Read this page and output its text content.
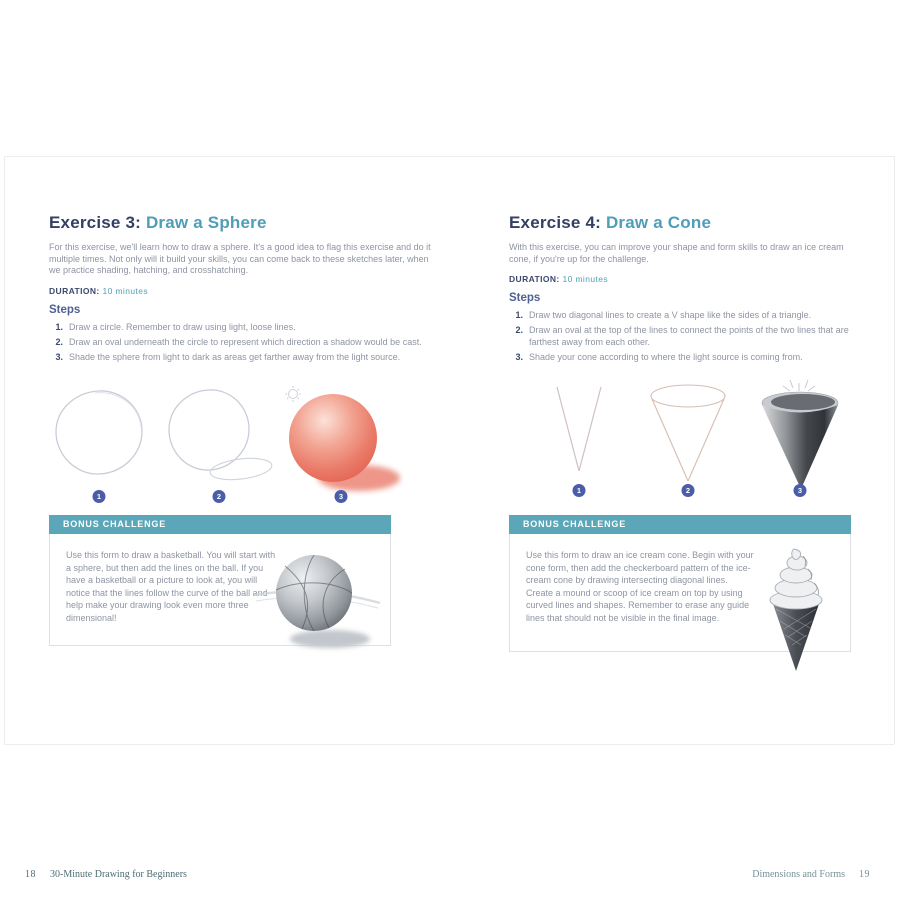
Exercise 3: Draw a Sphere
For this exercise, we'll learn how to draw a sphere. It's a good idea to flag this exercise and do it multiple times. Not only will it build your skills, you can come back to these sketches later, when we practice shading, hatching, and crosshatching.
DURATION: 10 minutes
Steps
1. Draw a circle. Remember to draw using light, loose lines.
2. Draw an oval underneath the circle to represent which direction a shadow would be cast.
3. Shade the sphere from light to dark as areas get farther away from the light source.
1	2	3
BONUS CHALLENGE
Use this form to draw a basketball. You will start with a sphere, but then add the lines on the ball. If you have a basketball or a picture to look at, you will notice that the lines follow the curve of the ball and help make your drawing look even more three dimensional!
Exercise 4: Draw a Cone
With this exercise, you can improve your shape and form skills to draw an ice cream cone, if you're up for the challenge.
DURATION: 10 minutes
Steps
1. Draw two diagonal lines to create a V shape like the sides of a triangle.
2. Draw an oval at the top of the lines to connect the points of the two lines that are farthest away from each other.
3. Shade your cone according to where the light source is coming from.
1	2	3
BONUS CHALLENGE
Use this form to draw an ice cream cone. Begin with your cone form, then add the checkerboard pattern of the ice-cream cone by drawing intersecting diagonal lines. Create a mound or scoop of ice cream on top by using curved lines and shapes. Remember to erase any guide lines that should not be visible in the final image.
18 30-Minute Drawing for Beginners	Dimensions and Forms 19
